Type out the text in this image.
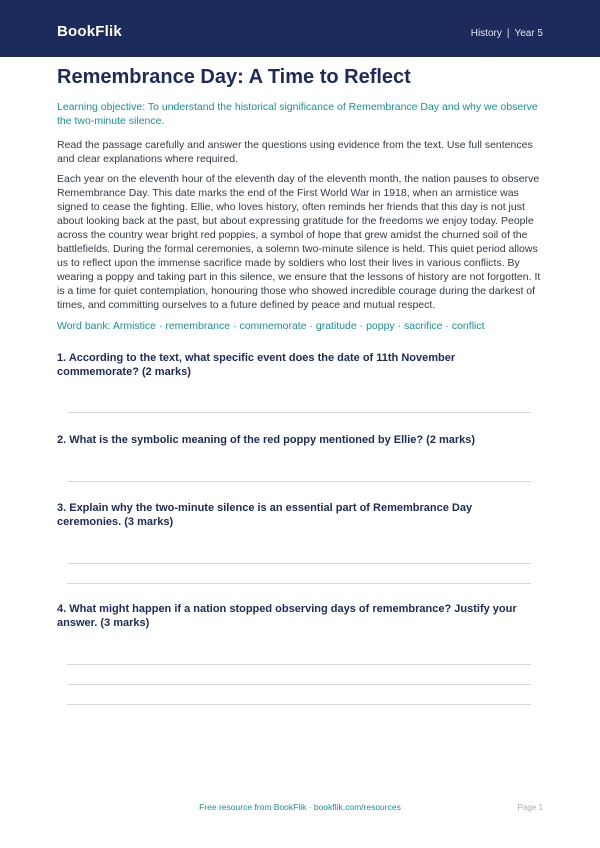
BookFlik	History | Year 5
Remembrance Day: A Time to Reflect
Learning objective: To understand the historical significance of Remembrance Day and why we observe the two-minute silence.
Read the passage carefully and answer the questions using evidence from the text. Use full sentences and clear explanations where required.
Each year on the eleventh hour of the eleventh day of the eleventh month, the nation pauses to observe Remembrance Day. This date marks the end of the First World War in 1918, when an armistice was signed to cease the fighting. Ellie, who loves history, often reminds her friends that this day is not just about looking back at the past, but about expressing gratitude for the freedoms we enjoy today. People across the country wear bright red poppies, a symbol of hope that grew amidst the churned soil of the battlefields. During the formal ceremonies, a solemn two-minute silence is held. This quiet period allows us to reflect upon the immense sacrifice made by soldiers who lost their lives in various conflicts. By wearing a poppy and taking part in this silence, we ensure that the lessons of history are not forgotten. It is a time for quiet contemplation, honouring those who showed incredible courage during the darkest of times, and committing ourselves to a future defined by peace and mutual respect.
Word bank: Armistice · remembrance · commemorate · gratitude · poppy · sacrifice · conflict
1. According to the text, what specific event does the date of 11th November commemorate? (2 marks)
2. What is the symbolic meaning of the red poppy mentioned by Ellie? (2 marks)
3. Explain why the two-minute silence is an essential part of Remembrance Day ceremonies. (3 marks)
4. What might happen if a nation stopped observing days of remembrance? Justify your answer. (3 marks)
Free resource from BookFlik · bookflik.com/resources	Page 1
